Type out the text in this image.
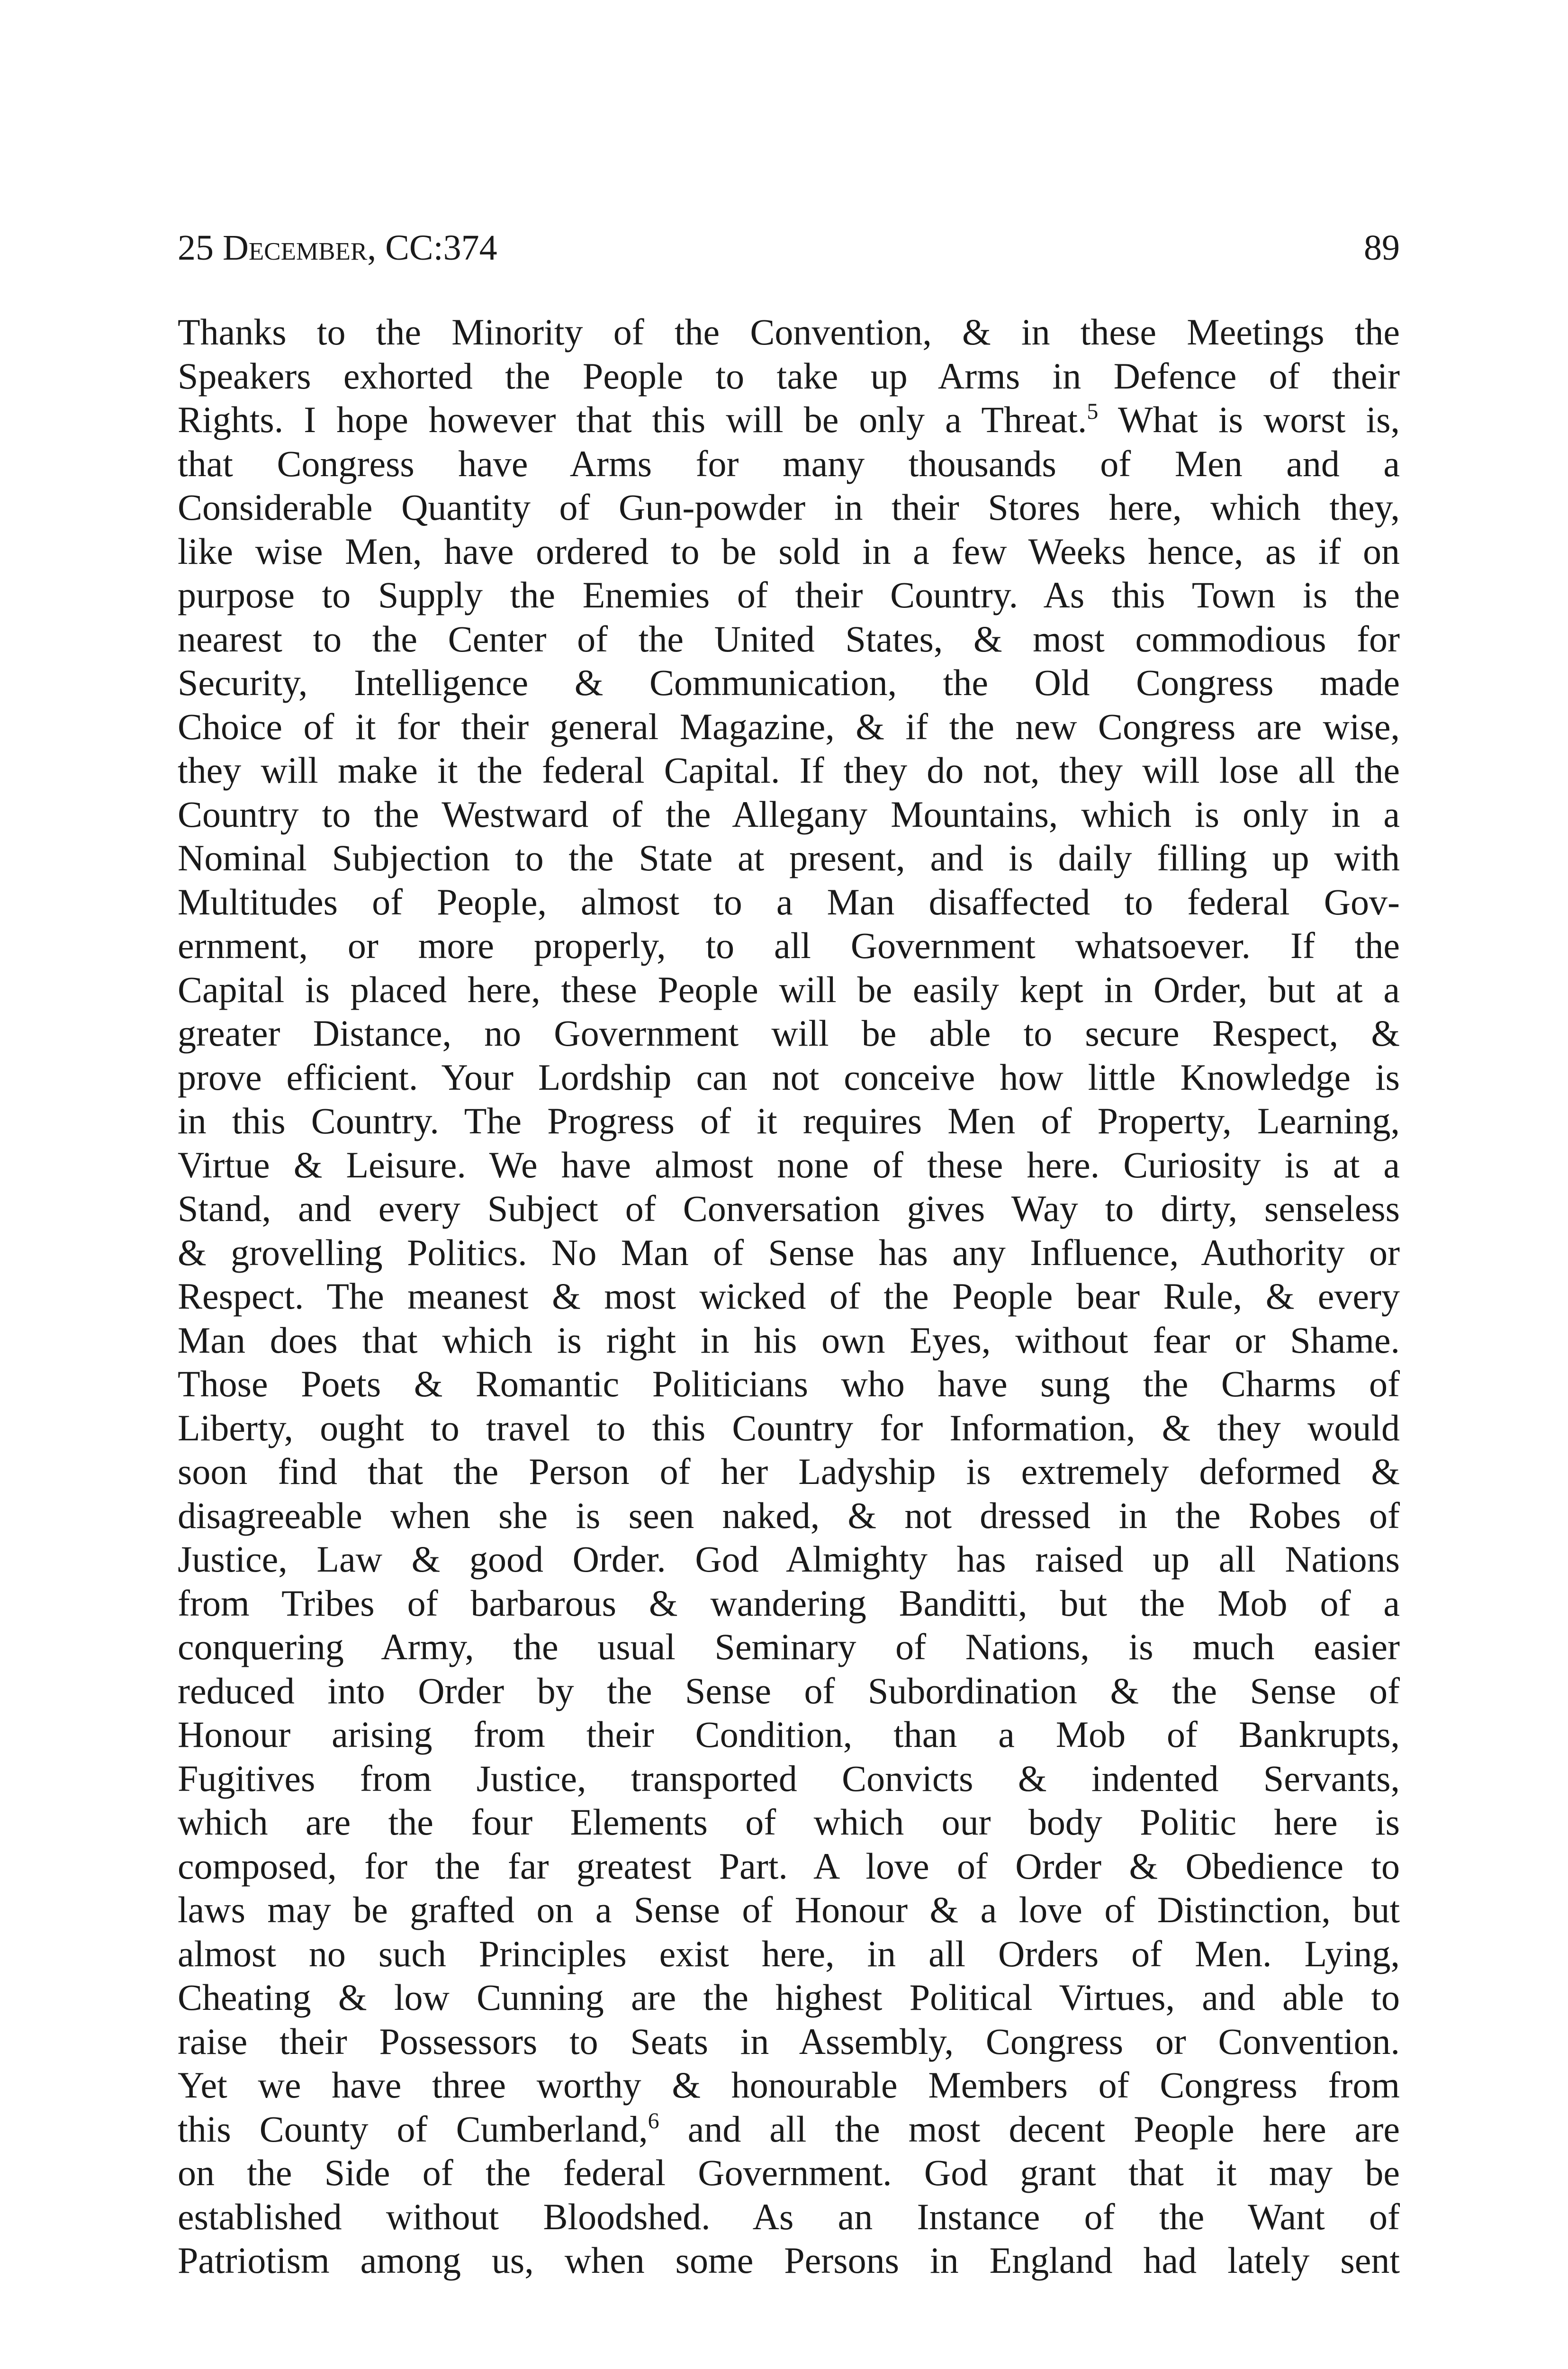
25 December, CC:374	89
Thanks to the Minority of the Convention, & in these Meetings the
Speakers exhorted the People to take up Arms in Defence of their
Rights. I hope however that this will be only a Threat.$^5$ What is worst is,
that Congress have Arms for many thousands of Men and a
Considerable Quantity of Gun-powder in their Stores here, which they,
like wise Men, have ordered to be sold in a few Weeks hence, as if on
purpose to Supply the Enemies of their Country. As this Town is the
nearest to the Center of the United States, & most commodious for
Security, Intelligence & Communication, the Old Congress made
Choice of it for their general Magazine, & if the new Congress are wise,
they will make it the federal Capital. If they do not, they will lose all the
Country to the Westward of the Allegany Mountains, which is only in a
Nominal Subjection to the State at present, and is daily filling up with
Multitudes of People, almost to a Man disaffected to federal Gov-
ernment, or more properly, to all Government whatsoever. If the
Capital is placed here, these People will be easily kept in Order, but at a
greater Distance, no Government will be able to secure Respect, &
prove efficient. Your Lordship can not conceive how little Knowledge is
in this Country. The Progress of it requires Men of Property, Learning,
Virtue & Leisure. We have almost none of these here. Curiosity is at a
Stand, and every Subject of Conversation gives Way to dirty, senseless
& grovelling Politics. No Man of Sense has any Influence, Authority or
Respect. The meanest & most wicked of the People bear Rule, & every
Man does that which is right in his own Eyes, without fear or Shame.
Those Poets & Romantic Politicians who have sung the Charms of
Liberty, ought to travel to this Country for Information, & they would
soon find that the Person of her Ladyship is extremely deformed &
disagreeable when she is seen naked, & not dressed in the Robes of
Justice, Law & good Order. God Almighty has raised up all Nations
from Tribes of barbarous & wandering Banditti, but the Mob of a
conquering Army, the usual Seminary of Nations, is much easier
reduced into Order by the Sense of Subordination & the Sense of
Honour arising from their Condition, than a Mob of Bankrupts,
Fugitives from Justice, transported Convicts & indented Servants,
which are the four Elements of which our body Politic here is
composed, for the far greatest Part. A love of Order & Obedience to
laws may be grafted on a Sense of Honour & a love of Distinction, but
almost no such Principles exist here, in all Orders of Men. Lying,
Cheating & low Cunning are the highest Political Virtues, and able to
raise their Possessors to Seats in Assembly, Congress or Convention.
Yet we have three worthy & honourable Members of Congress from
this County of Cumberland,$^6$ and all the most decent People here are
on the Side of the federal Government. God grant that it may be
established without Bloodshed. As an Instance of the Want of
Patriotism among us, when some Persons in England had lately sent
